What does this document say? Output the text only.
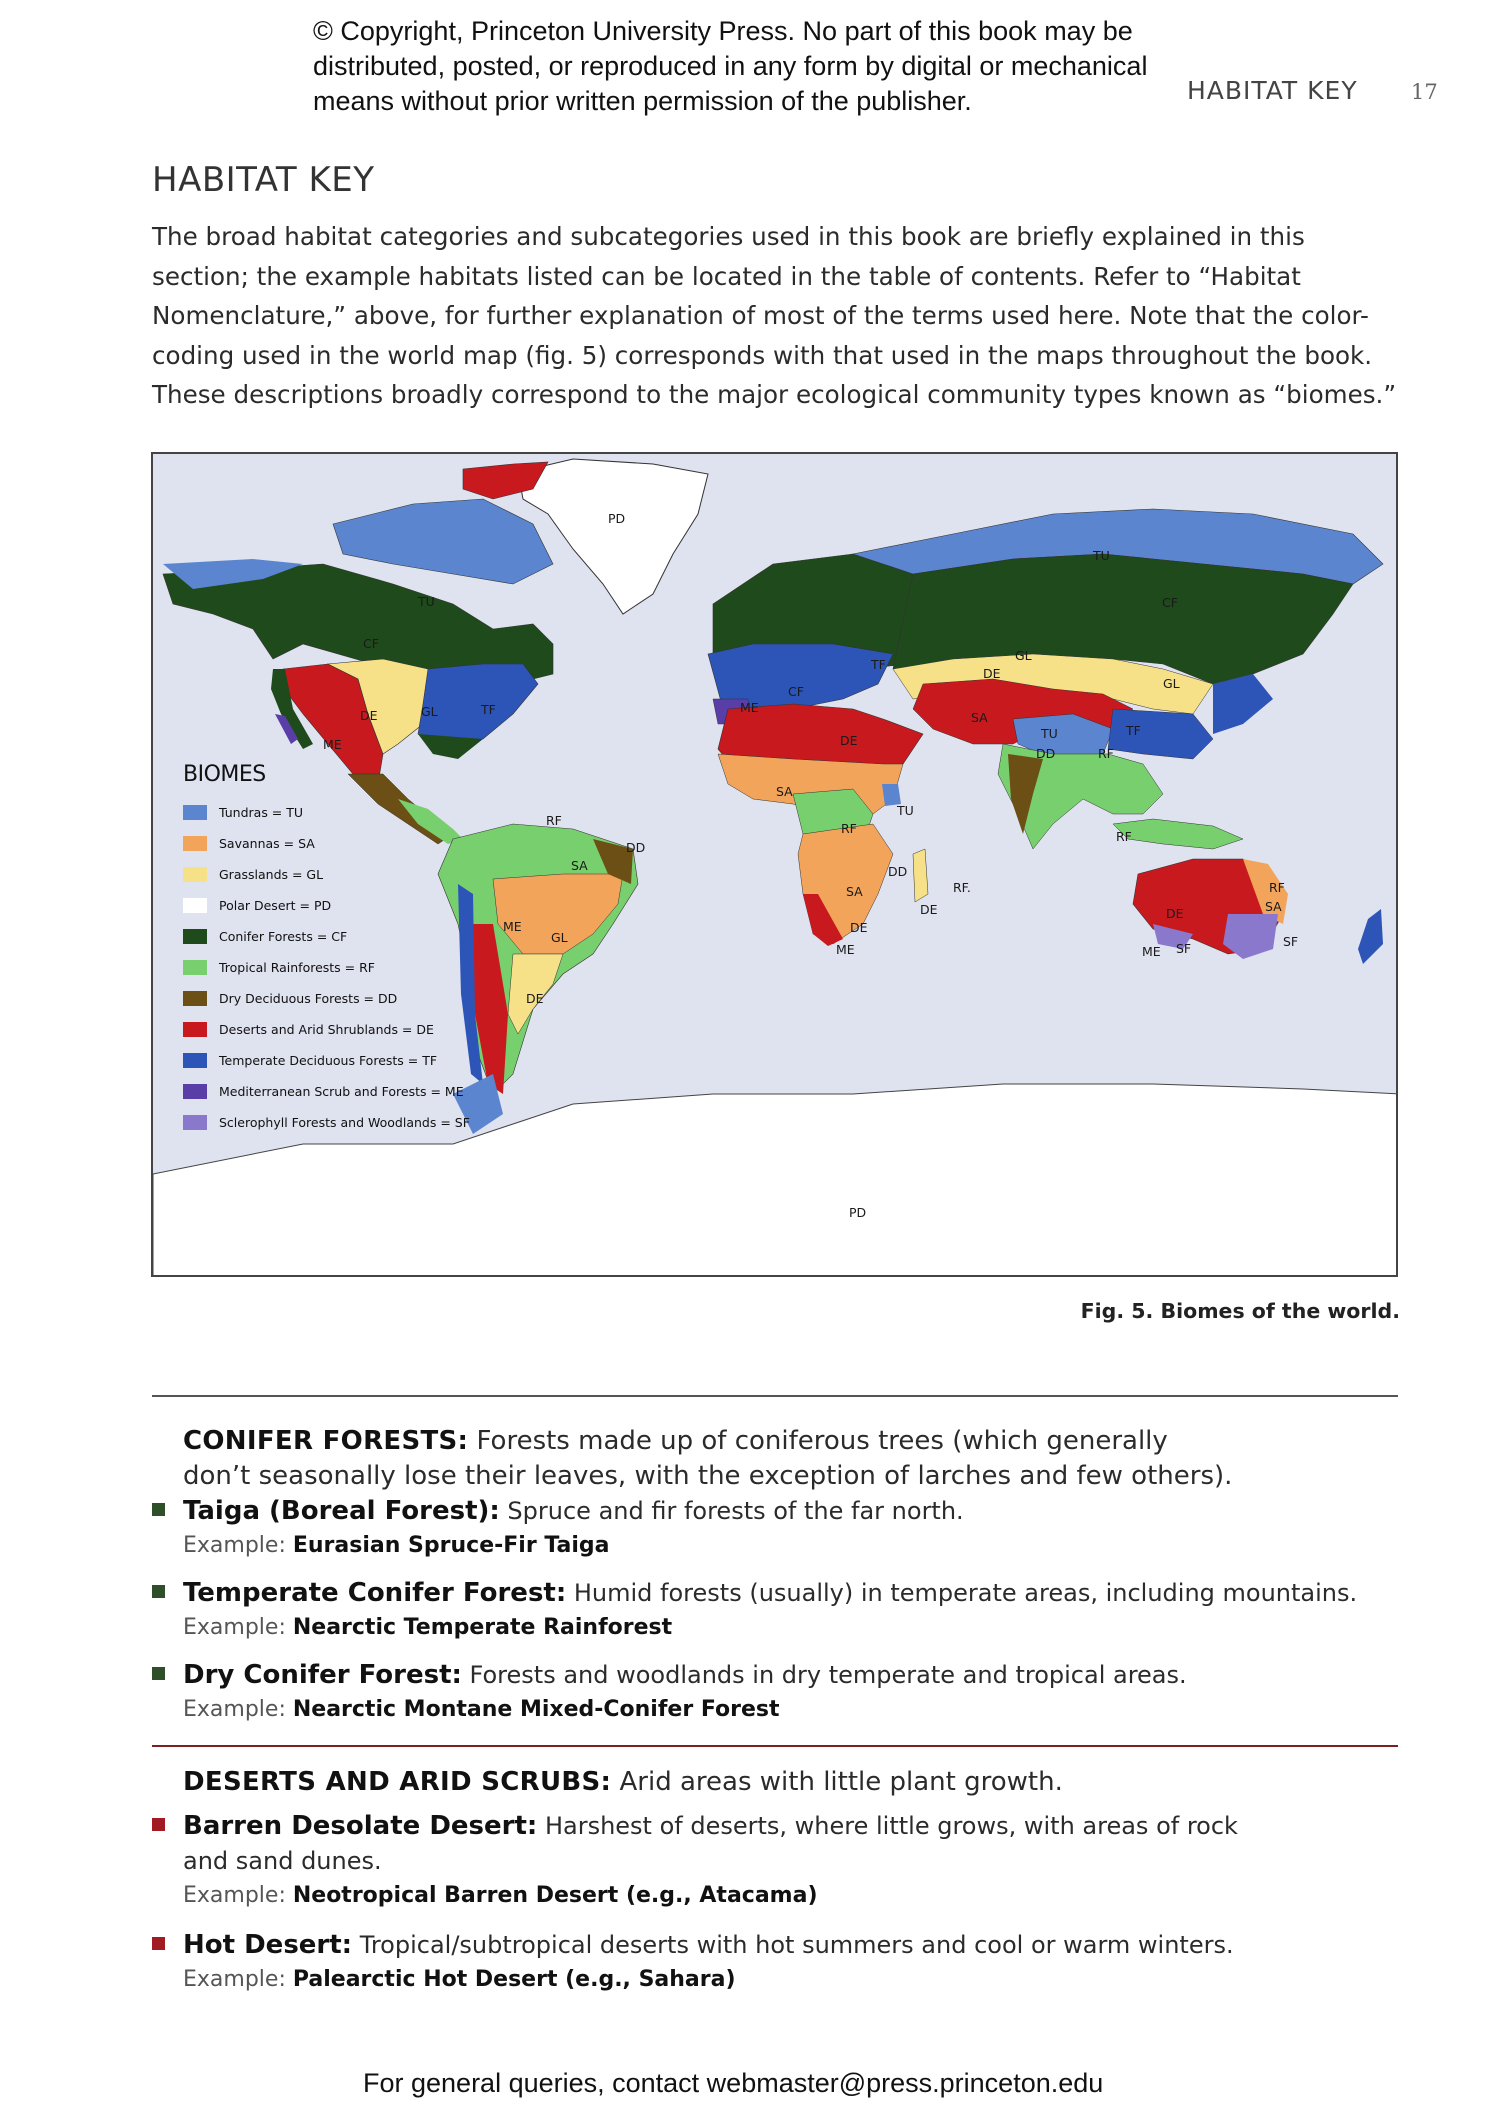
© Copyright, Princeton University Press. No part of this book may be
distributed, posted, or reproduced in any form by digital or mechanical
means without prior written permission of the publisher.	HABITAT KEY	17
HABITAT KEY
The broad habitat categories and subcategories used in this book are briefly explained in this
section; the example habitats listed can be located in the table of contents. Refer to “Habitat
Nomenclature,” above, for further explanation of most of the terms used here. Note that the color-
coding used in the world map (fig. 5) corresponds with that used in the maps throughout the book.
These descriptions broadly correspond to the major ecological community types known as “biomes.”
BIOMES
Tundras = TU
Savannas = SA
Grasslands = GL
Polar Desert = PD
Conifer Forests = CF
Tropical Rainforests = RF
Dry Deciduous Forests = DD
Deserts and Arid Shrublands = DE
Temperate Deciduous Forests = TF
Mediterranean Scrub and Forests = ME
Sclerophyll Forests and Woodlands = SF
PD
TU
CF
GL	TF
DE
ME
TU
CF
TF
GL
GL
CF
DE
ME
SA
TU	TF
DE
DD	RF
SA
TU
RF
RF
RF
DD
SA	DD
RF.
SA
DE
DE
ME
GL
ME
DE
RF
SA
DE
SF
SF
ME
PD
Fig. 5. Biomes of the world.
CONIFER FORESTS: Forests made up of coniferous trees (which generally
don’t seasonally lose their leaves, with the exception of larches and few others).
Taiga (Boreal Forest): Spruce and fir forests of the far north.
Example: Eurasian Spruce-Fir Taiga
Temperate Conifer Forest: Humid forests (usually) in temperate areas, including mountains.
Example: Nearctic Temperate Rainforest
Dry Conifer Forest: Forests and woodlands in dry temperate and tropical areas.
Example: Nearctic Montane Mixed-Conifer Forest
DESERTS AND ARID SCRUBS: Arid areas with little plant growth.
Barren Desolate Desert: Harshest of deserts, where little grows, with areas of rock
and sand dunes.
Example: Neotropical Barren Desert (e.g., Atacama)
Hot Desert: Tropical/subtropical deserts with hot summers and cool or warm winters.
Example: Palearctic Hot Desert (e.g., Sahara)
For general queries, contact webmaster@press.princeton.edu
